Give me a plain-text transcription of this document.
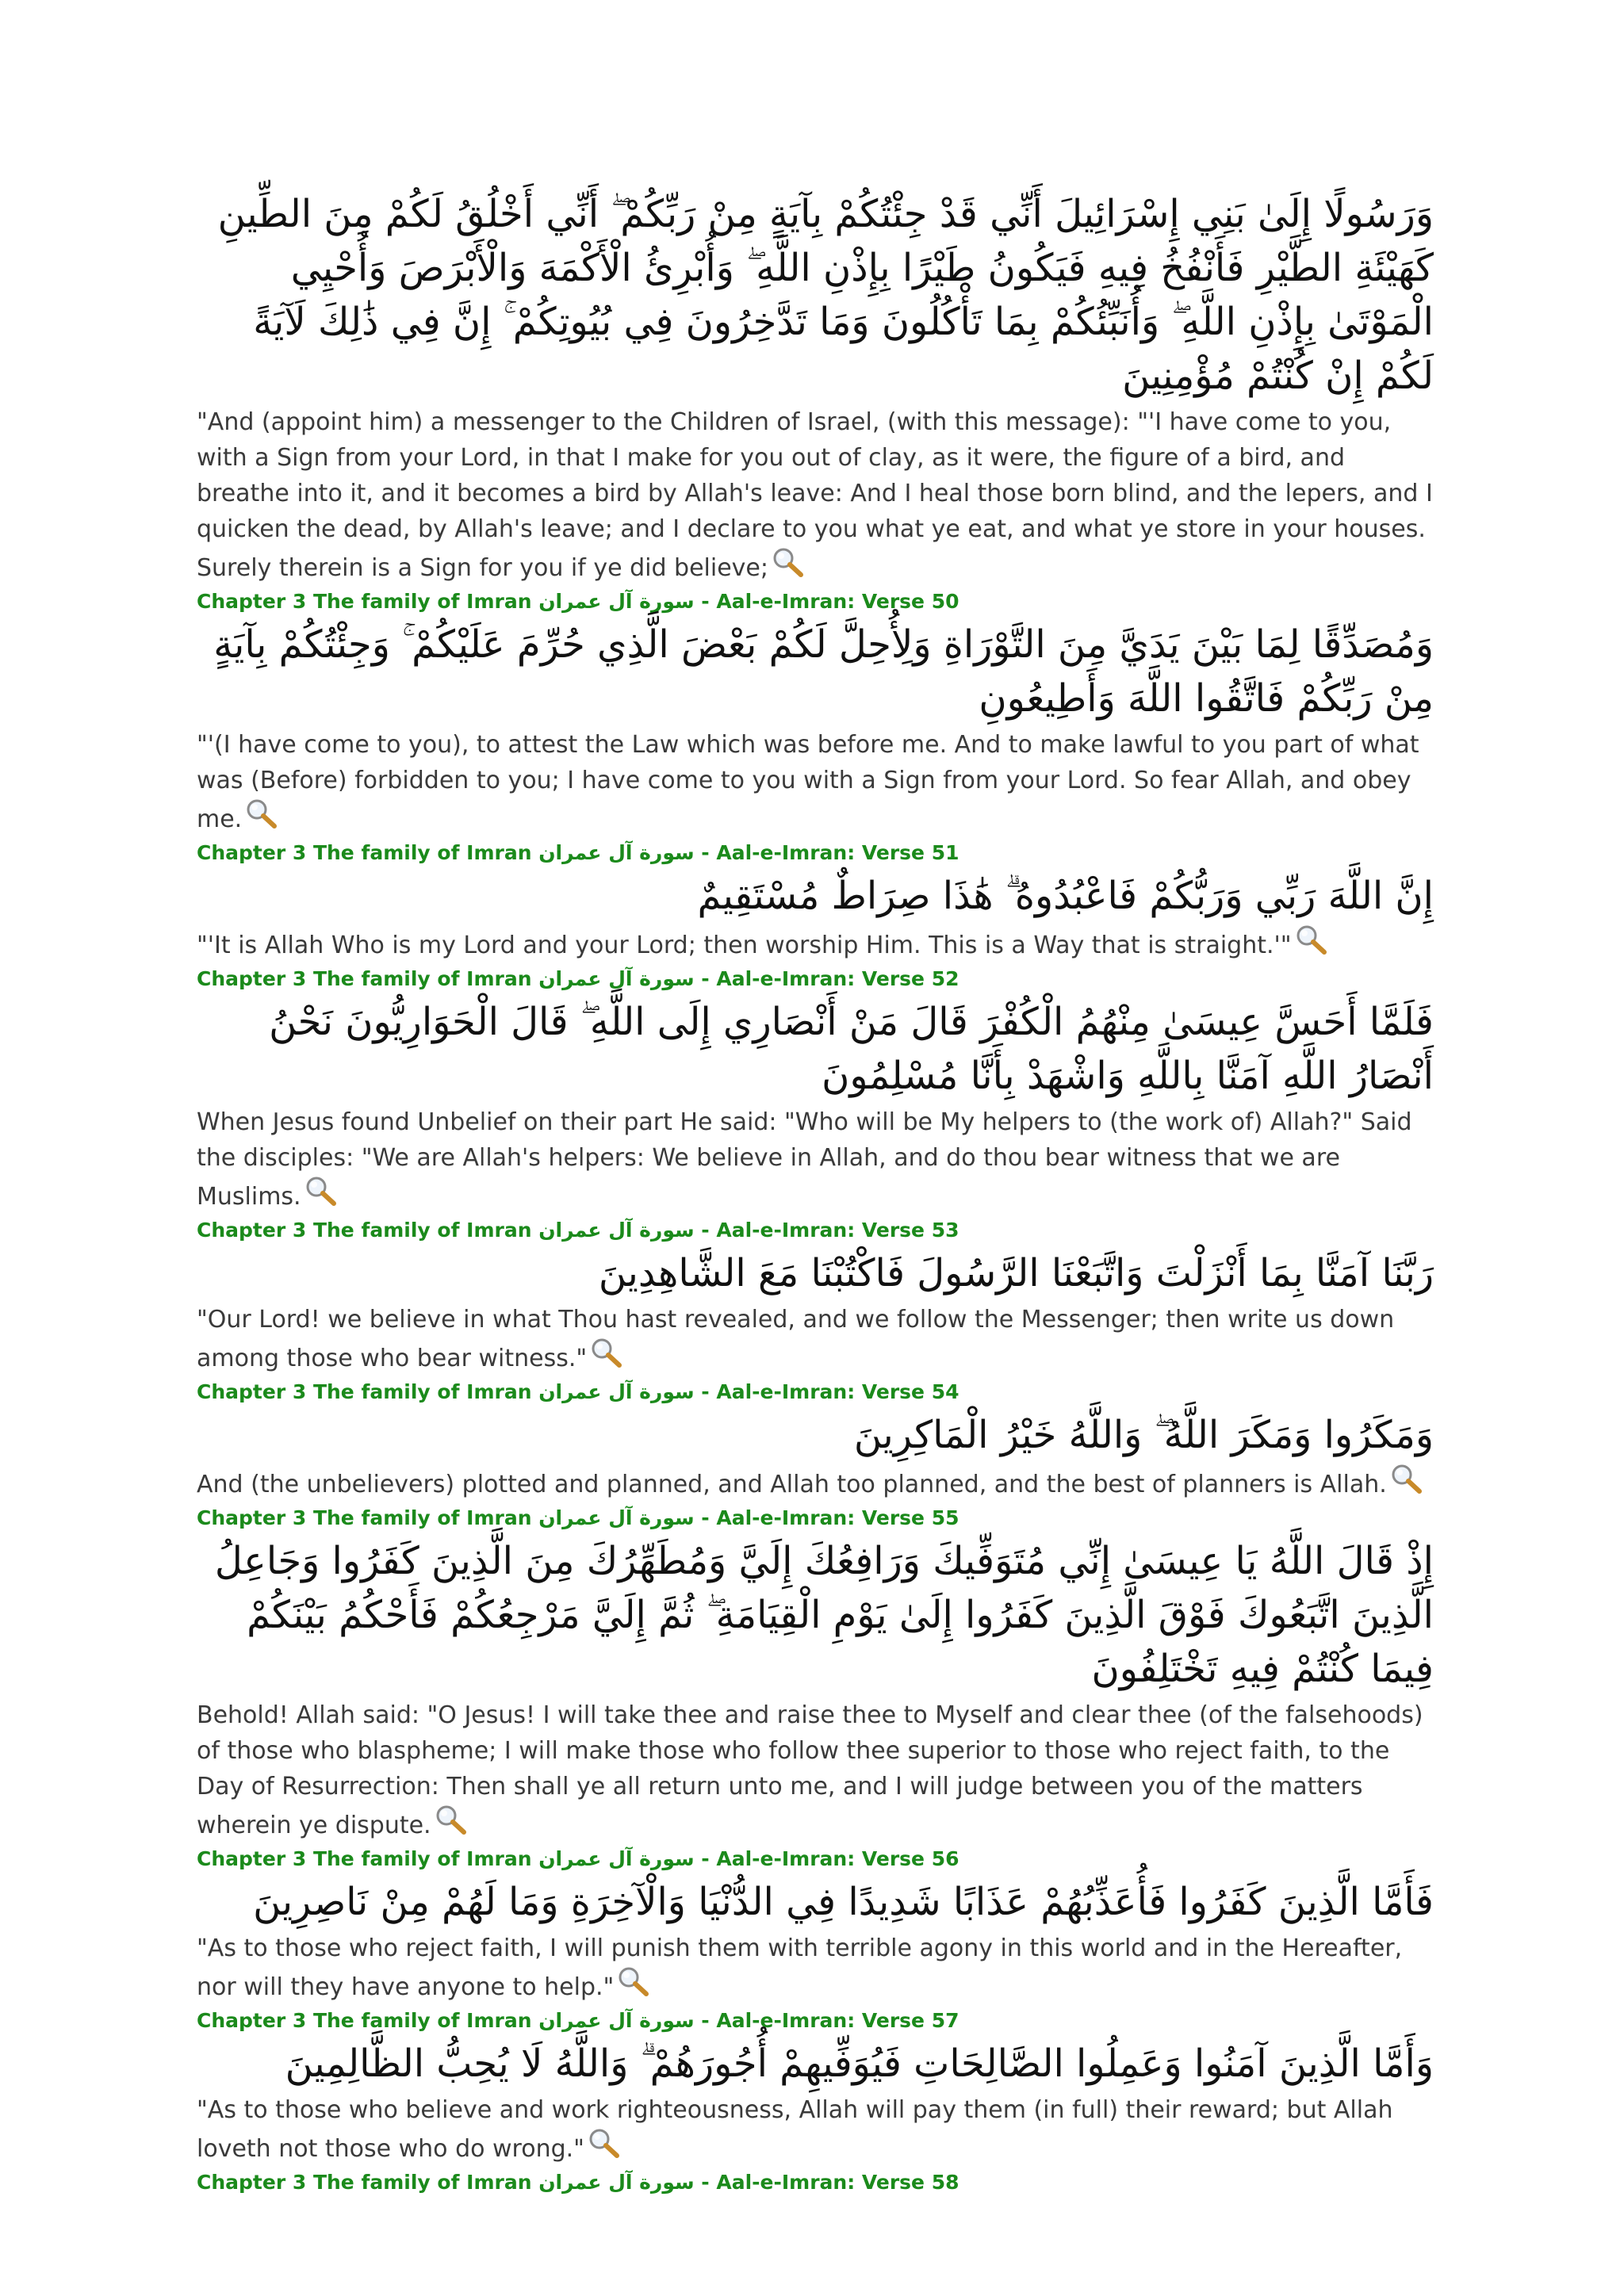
وَرَسُولًا إِلَىٰ بَنِي إِسْرَائِيلَ أَنِّي قَدْ جِئْتُكُمْ بِآيَةٍ مِنْ رَبِّكُمْ ۖ أَنِّي أَخْلُقُ لَكُمْ مِنَ الطِّينِ كَهَيْئَةِ الطَّيْرِ فَأَنْفُخُ فِيهِ فَيَكُونُ طَيْرًا بِإِذْنِ اللَّهِ ۖ وَأُبْرِئُ الْأَكْمَهَ وَالْأَبْرَصَ وَأُحْيِي الْمَوْتَىٰ بِإِذْنِ اللَّهِ ۖ وَأُنَبِّئُكُمْ بِمَا تَأْكُلُونَ وَمَا تَدَّخِرُونَ فِي بُيُوتِكُمْ ۚ إِنَّ فِي ذَٰلِكَ لَآيَةً لَكُمْ إِنْ كُنْتُمْ مُؤْمِنِينَ

"And (appoint him) a messenger to the Children of Israel, (with this message): "'I have come to you, with a Sign from your Lord, in that I make for you out of clay, as it were, the figure of a bird, and breathe into it, and it becomes a bird by Allah's leave: And I heal those born blind, and the lepers, and I quicken the dead, by Allah's leave; and I declare to you what ye eat, and what ye store in your houses. Surely therein is a Sign for you if ye did believe;

Chapter 3 The family of Imran سورة آل عمران - Aal-e-Imran: Verse 50

وَمُصَدِّقًا لِمَا بَيْنَ يَدَيَّ مِنَ التَّوْرَاةِ وَلِأُحِلَّ لَكُمْ بَعْضَ الَّذِي حُرِّمَ عَلَيْكُمْ ۚ وَجِئْتُكُمْ بِآيَةٍ مِنْ رَبِّكُمْ فَاتَّقُوا اللَّهَ وَأَطِيعُونِ

"'(I have come to you), to attest the Law which was before me. And to make lawful to you part of what was (Before) forbidden to you; I have come to you with a Sign from your Lord. So fear Allah, and obey me.

Chapter 3 The family of Imran سورة آل عمران - Aal-e-Imran: Verse 51

إِنَّ اللَّهَ رَبِّي وَرَبُّكُمْ فَاعْبُدُوهُ ۗ هَٰذَا صِرَاطٌ مُسْتَقِيمٌ

"'It is Allah Who is my Lord and your Lord; then worship Him. This is a Way that is straight.'"

Chapter 3 The family of Imran سورة آل عمران - Aal-e-Imran: Verse 52

فَلَمَّا أَحَسَّ عِيسَىٰ مِنْهُمُ الْكُفْرَ قَالَ مَنْ أَنْصَارِي إِلَى اللَّهِ ۖ قَالَ الْحَوَارِيُّونَ نَحْنُ أَنْصَارُ اللَّهِ آمَنَّا بِاللَّهِ وَاشْهَدْ بِأَنَّا مُسْلِمُونَ

When Jesus found Unbelief on their part He said: "Who will be My helpers to (the work of) Allah?" Said the disciples: "We are Allah's helpers: We believe in Allah, and do thou bear witness that we are Muslims.

Chapter 3 The family of Imran سورة آل عمران - Aal-e-Imran: Verse 53

رَبَّنَا آمَنَّا بِمَا أَنْزَلْتَ وَاتَّبَعْنَا الرَّسُولَ فَاكْتُبْنَا مَعَ الشَّاهِدِينَ

"Our Lord! we believe in what Thou hast revealed, and we follow the Messenger; then write us down among those who bear witness."

Chapter 3 The family of Imran سورة آل عمران - Aal-e-Imran: Verse 54

وَمَكَرُوا وَمَكَرَ اللَّهُ ۖ وَاللَّهُ خَيْرُ الْمَاكِرِينَ

And (the unbelievers) plotted and planned, and Allah too planned, and the best of planners is Allah.

Chapter 3 The family of Imran سورة آل عمران - Aal-e-Imran: Verse 55

إِذْ قَالَ اللَّهُ يَا عِيسَىٰ إِنِّي مُتَوَفِّيكَ وَرَافِعُكَ إِلَيَّ وَمُطَهِّرُكَ مِنَ الَّذِينَ كَفَرُوا وَجَاعِلُ الَّذِينَ اتَّبَعُوكَ فَوْقَ الَّذِينَ كَفَرُوا إِلَىٰ يَوْمِ الْقِيَامَةِ ۖ ثُمَّ إِلَيَّ مَرْجِعُكُمْ فَأَحْكُمُ بَيْنَكُمْ فِيمَا كُنْتُمْ فِيهِ تَخْتَلِفُونَ

Behold! Allah said: "O Jesus! I will take thee and raise thee to Myself and clear thee (of the falsehoods) of those who blaspheme; I will make those who follow thee superior to those who reject faith, to the Day of Resurrection: Then shall ye all return unto me, and I will judge between you of the matters wherein ye dispute.

Chapter 3 The family of Imran سورة آل عمران - Aal-e-Imran: Verse 56

فَأَمَّا الَّذِينَ كَفَرُوا فَأُعَذِّبُهُمْ عَذَابًا شَدِيدًا فِي الدُّنْيَا وَالْآخِرَةِ وَمَا لَهُمْ مِنْ نَاصِرِينَ

"As to those who reject faith, I will punish them with terrible agony in this world and in the Hereafter, nor will they have anyone to help."

Chapter 3 The family of Imran سورة آل عمران - Aal-e-Imran: Verse 57

وَأَمَّا الَّذِينَ آمَنُوا وَعَمِلُوا الصَّالِحَاتِ فَيُوَفِّيهِمْ أُجُورَهُمْ ۗ وَاللَّهُ لَا يُحِبُّ الظَّالِمِينَ

"As to those who believe and work righteousness, Allah will pay them (in full) their reward; but Allah loveth not those who do wrong."

Chapter 3 The family of Imran سورة آل عمران - Aal-e-Imran: Verse 58
